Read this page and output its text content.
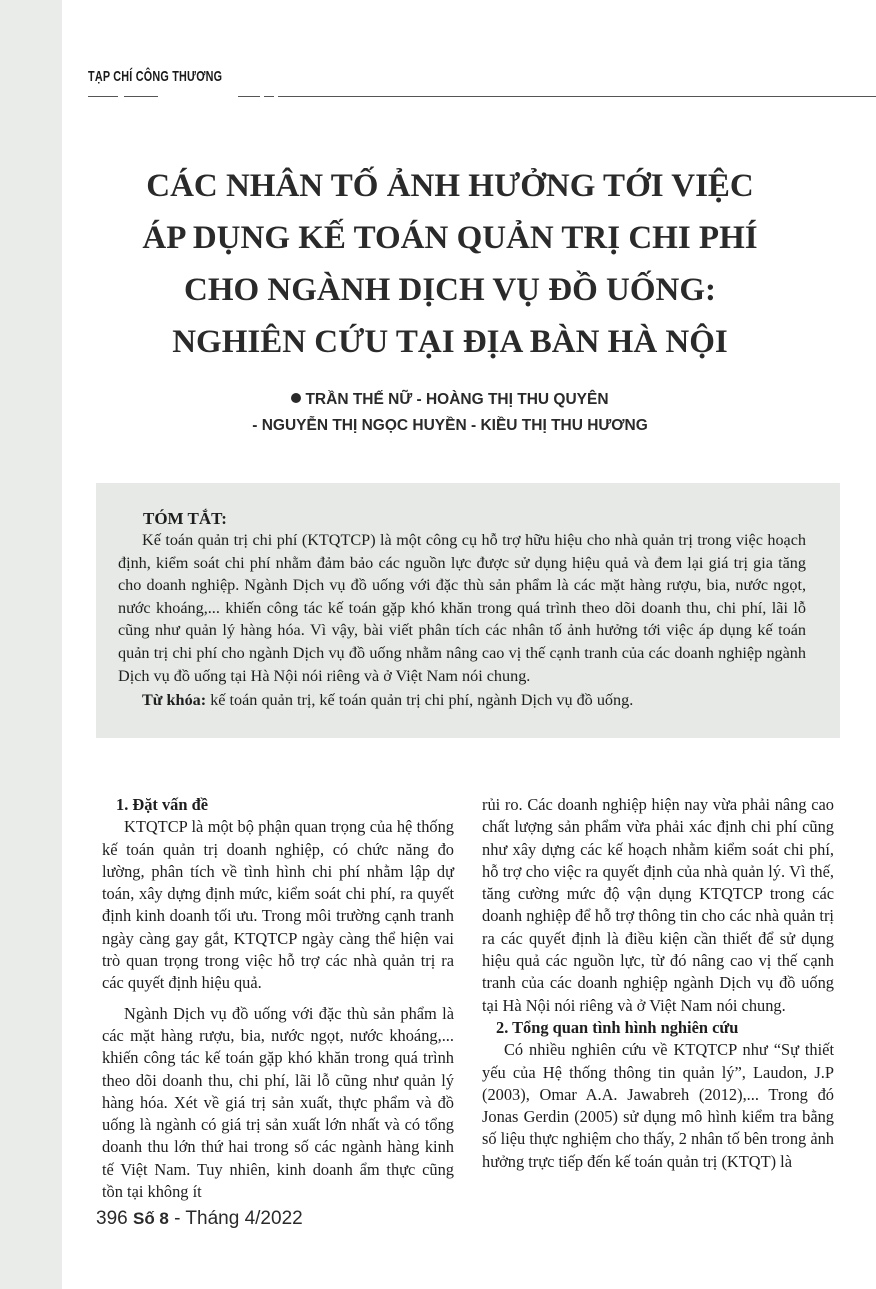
TẠP CHÍ CÔNG THƯƠNG
CÁC NHÂN TỐ ẢNH HƯỞNG TỚI VIỆC
ÁP DỤNG KẾ TOÁN QUẢN TRỊ CHI PHÍ
CHO NGÀNH DỊCH VỤ ĐỒ UỐNG:
NGHIÊN CỨU TẠI ĐỊA BÀN HÀ NỘI
TRẦN THẾ NỮ - HOÀNG THỊ THU QUYÊN
- NGUYỄN THỊ NGỌC HUYỀN - KIỀU THỊ THU HƯƠNG
TÓM TẮT:
Kế toán quản trị chi phí (KTQTCP) là một công cụ hỗ trợ hữu hiệu cho nhà quản trị trong việc hoạch định, kiểm soát chi phí nhằm đảm bảo các nguồn lực được sử dụng hiệu quả và đem lại giá trị gia tăng cho doanh nghiệp. Ngành Dịch vụ đồ uống với đặc thù sản phẩm là các mặt hàng rượu, bia, nước ngọt, nước khoáng,... khiến công tác kế toán gặp khó khăn trong quá trình theo dõi doanh thu, chi phí, lãi lỗ cũng như quản lý hàng hóa. Vì vậy, bài viết phân tích các nhân tố ảnh hưởng tới việc áp dụng kế toán quản trị chi phí cho ngành Dịch vụ đồ uống nhằm nâng cao vị thế cạnh tranh của các doanh nghiệp ngành Dịch vụ đồ uống tại Hà Nội nói riêng và ở Việt Nam nói chung.
Từ khóa: kế toán quản trị, kế toán quản trị chi phí, ngành Dịch vụ đồ uống.

1. Đặt vấn đề

KTQTCP là một bộ phận quan trọng của hệ thống kế toán quản trị doanh nghiệp, có chức năng đo lường, phân tích về tình hình chi phí nhằm lập dự toán, xây dựng định mức, kiểm soát chi phí, ra quyết định kinh doanh tối ưu. Trong môi trường cạnh tranh ngày càng gay gắt, KTQTCP ngày càng thể hiện vai trò quan trọng trong việc hỗ trợ các nhà quản trị ra các quyết định hiệu quả.

Ngành Dịch vụ đồ uống với đặc thù sản phẩm là các mặt hàng rượu, bia, nước ngọt, nước khoáng,... khiến công tác kế toán gặp khó khăn trong quá trình theo dõi doanh thu, chi phí, lãi lỗ cũng như quản lý hàng hóa. Xét về giá trị sản xuất, thực phẩm và đồ uống là ngành có giá trị sản xuất lớn nhất và có tổng doanh thu lớn thứ hai trong số các ngành hàng kinh tế Việt Nam. Tuy nhiên, kinh doanh ẩm thực cũng tồn tại không ít

rủi ro. Các doanh nghiệp hiện nay vừa phải nâng cao chất lượng sản phẩm vừa phải xác định chi phí cũng như xây dựng các kế hoạch nhằm kiểm soát chi phí, hỗ trợ cho việc ra quyết định của nhà quản lý. Vì thế, tăng cường mức độ vận dụng KTQTCP trong các doanh nghiệp để hỗ trợ thông tin cho các nhà quản trị ra các quyết định là điều kiện cần thiết để sử dụng hiệu quả các nguồn lực, từ đó nâng cao vị thế cạnh tranh của các doanh nghiệp ngành Dịch vụ đồ uống tại Hà Nội nói riêng và ở Việt Nam nói chung.

2. Tổng quan tình hình nghiên cứu

Có nhiều nghiên cứu về KTQTCP như “Sự thiết yếu của Hệ thống thông tin quản lý”, Laudon, J.P (2003), Omar A.A. Jawabreh (2012),... Trong đó Jonas Gerdin (2005) sử dụng mô hình kiểm tra bằng số liệu thực nghiệm cho thấy, 2 nhân tố bên trong ảnh hưởng trực tiếp đến kế toán quản trị (KTQT) là

396 Số 8 - Tháng 4/2022
